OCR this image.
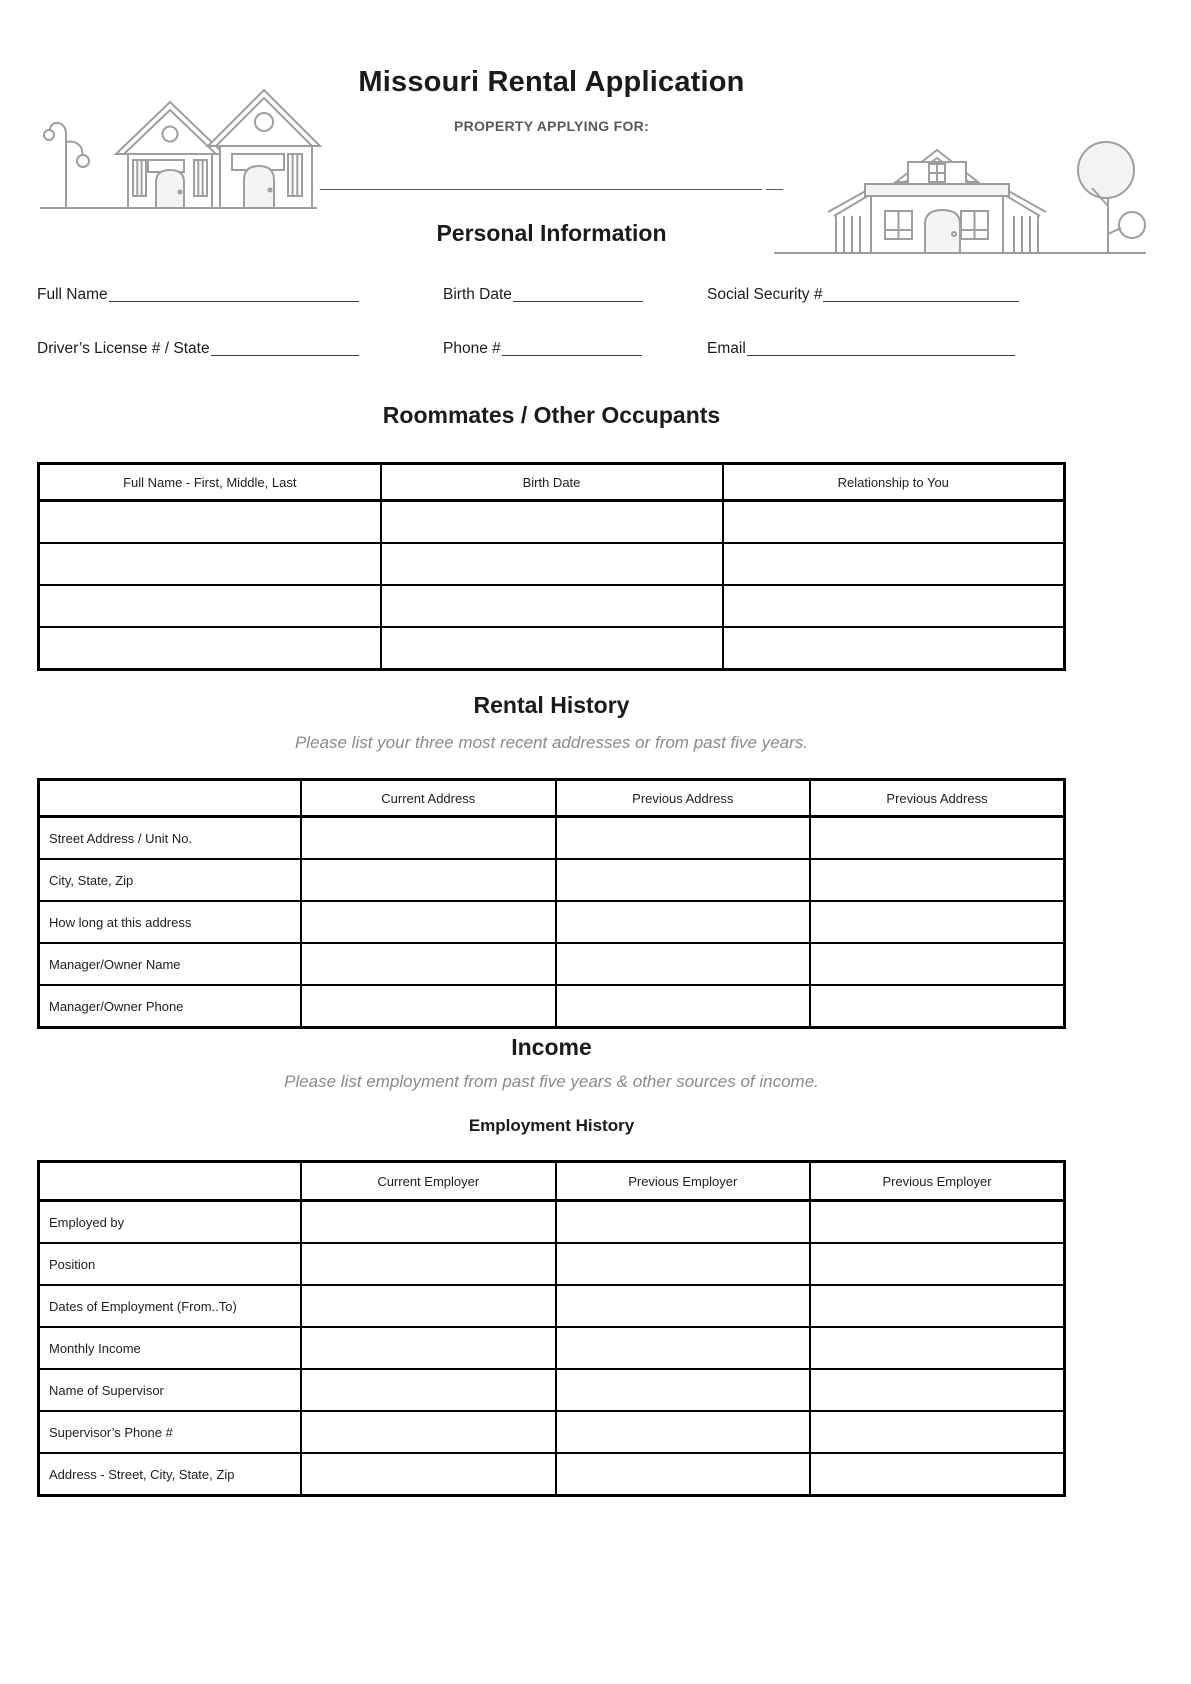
Missouri Rental Application
PROPERTY APPLYING FOR:
_____________________________________________________ __
Personal Information
Full Name	Birth Date	Social Security #
Driver’s License # / State	Phone #	Email
Roommates / Other Occupants
Full Name - First, Middle, Last	Birth Date	Relationship to You

Rental History
Please list your three most recent addresses or from past five years.
	Current Address	Previous Address	Previous Address
Street Address / Unit No.			
City, State, Zip			
How long at this address			
Manager/Owner Name			
Manager/Owner Phone			
Income
Please list employment from past five years & other sources of income.
Employment History
	Current Employer	Previous Employer	Previous Employer
Employed by			
Position			
Dates of Employment (From..To)			
Monthly Income			
Name of Supervisor			
Supervisor’s Phone #			
Address - Street, City, State, Zip			
